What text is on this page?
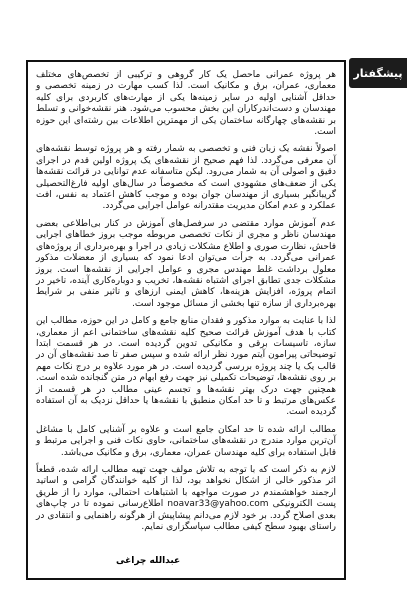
پیشگفتار

هر پروژه عمرانی ماحصل یک کار گروهی و ترکیبی از تخصص‌های مختلف معماری، عمران، برق و مکانیک است. لذا کسب مهارت در زمینه تخصصی و حداقل آشنایی اولیه در سایر زمینه‌ها یکی از مهارت‌های کاربردی برای کلیه مهندسان و دست‌اندرکاران این بخش محسوب می‌شود. هنر نقشه‌خوانی و تسلط بر نقشه‌های چهارگانه ساختمان یکی از مهمترین اطلاعات بین رشته‌ای این حوزه است.

اصولاً نقشه یک زبان فنی و تخصصی به شمار رفته و هر پروژه توسط نقشه‌های آن معرفی می‌گردد. لذا فهم صحیح از نقشه‌های یک پروژه اولین قدم در اجرای دقیق و اصولی آن به شمار می‌رود. لیکن متاسفانه عدم توانایی در قرائت نقشه‌ها یکی از ضعف‌های مشهودی است که مخصوصاً در سال‌های اولیه فارغ‌التحصیلی گریبانگیر بسیاری از مهندسان جوان بوده و موجب کاهش اعتماد به نفس، افت عملکرد و عدم امکان مدیریت مقتدرانه عوامل اجرایی می‌گردد.

عدم آموزش موارد مقتضی در سرفصل‌های آموزش در کنار بی‌اطلاعی بعضی مهندسان ناظر و مجری از نکات تخصصی مربوطه موجب بروز خطاهای اجرایی فاحش، نظارت صوری و اطلاع مشکلات زیادی در اجرا و بهره‌برداری از پروژه‌های عمرانی می‌گردد. به جرأت می‌توان ادعا نمود که بسیاری از معضلات مذکور معلول برداشت غلط مهندس مجری و عوامل اجرایی از نقشه‌ها است. بروز مشکلات جدی تطابق اجرای اشتباه نقشه‌ها، تخریب و دوباره‌کاری آینده، تاخیر در اتمام پروژه، افزایش هزینه‌ها، کاهش ایمنی ارزهای و تاثیر منفی بر شرایط بهره‌برداری از سازه تنها بخشی از مسائل موجود است.

لذا با عنایت به موارد مذکور و فقدان منابع جامع و کامل در این حوزه، مطالب این کتاب با هدف آموزش قرائت صحیح کلیه نقشه‌های ساختمانی اعم از معماری، سازه، تاسیسات برقی و مکانیکی تدوین گردیده است. در هر قسمت ابتدا توضیحاتی پیرامون آیتم مورد نظر ارائه شده و سپس صفر تا صد نقشه‌های آن در قالب یک یا چند پروژه بررسی گردیده است. در هر مورد علاوه بر درج نکات مهم بر روی نقشه‌ها، توضیحات تکمیلی نیز جهت رفع ابهام در متن گنجانده شده است. همچنین جهت درک بهتر نقشه‌ها و تجسم عینی مطالب در هر قسمت از عکس‌های مرتبط و تا حد امکان منطبق با نقشه‌ها یا حداقل نزدیک به آن استفاده گردیده است.

مطالب ارائه شده تا حد امکان جامع است و علاوه بر آشنایی کامل با مشاغل آن‌ترین موارد مندرج در نقشه‌های ساختمانی، حاوی نکات فنی و اجرایی مرتبط و قابل استفاده برای کلیه مهندسان عمران، معماری، برق و مکانیک می‌باشد.

لازم به ذکر است که با توجه به تلاش مولف جهت تهیه مطالب ارائه شده، قطعاً اثر مذکور خالی از اشکال نخواهد بود، لذا از کلیه خوانندگان گرامی و اساتید ارجمند خواهشمندم در صورت مواجهه با اشتباهات احتمالی، موارد را از طریق پست الکترونیکی noavar33@yahoo.com اطلاع‌رسانی نموده تا در چاپ‌های بعدی اصلاح گردد. بر خود لازم می‌دانم پیشاپیش از هرگونه راهنمایی و انتقادی در راستای بهبود سطح کیفی مطالب سپاسگزاری نمایم.

عبدالله چراغی
